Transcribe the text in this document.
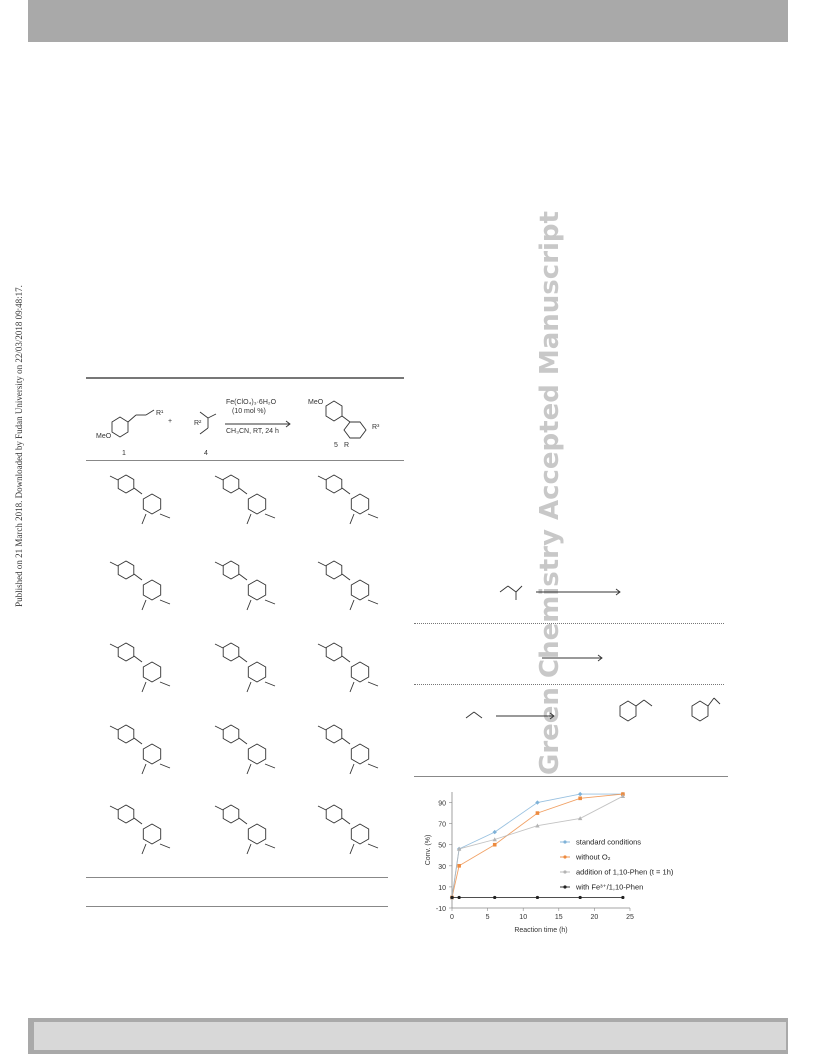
Published on 21 March 2018. Downloaded by Fudan University on 22/03/2018 09:48:17.	Green Chemistry Accepted Manuscript
Fe(ClO₄)₃·6H₂O
(10 mol %)
CH₃CN, RT, 24 h
+
1	4
5
MeO
MeO
R¹
R²
R³
R
-10
10
30
50
70
90
0	5	10	15	20	25
Reaction time (h)
Conv. (%)	standard conditions
without O₂
addition of 1,10-Phen (t = 1h)
with Fe³⁺/1,10-Phen
